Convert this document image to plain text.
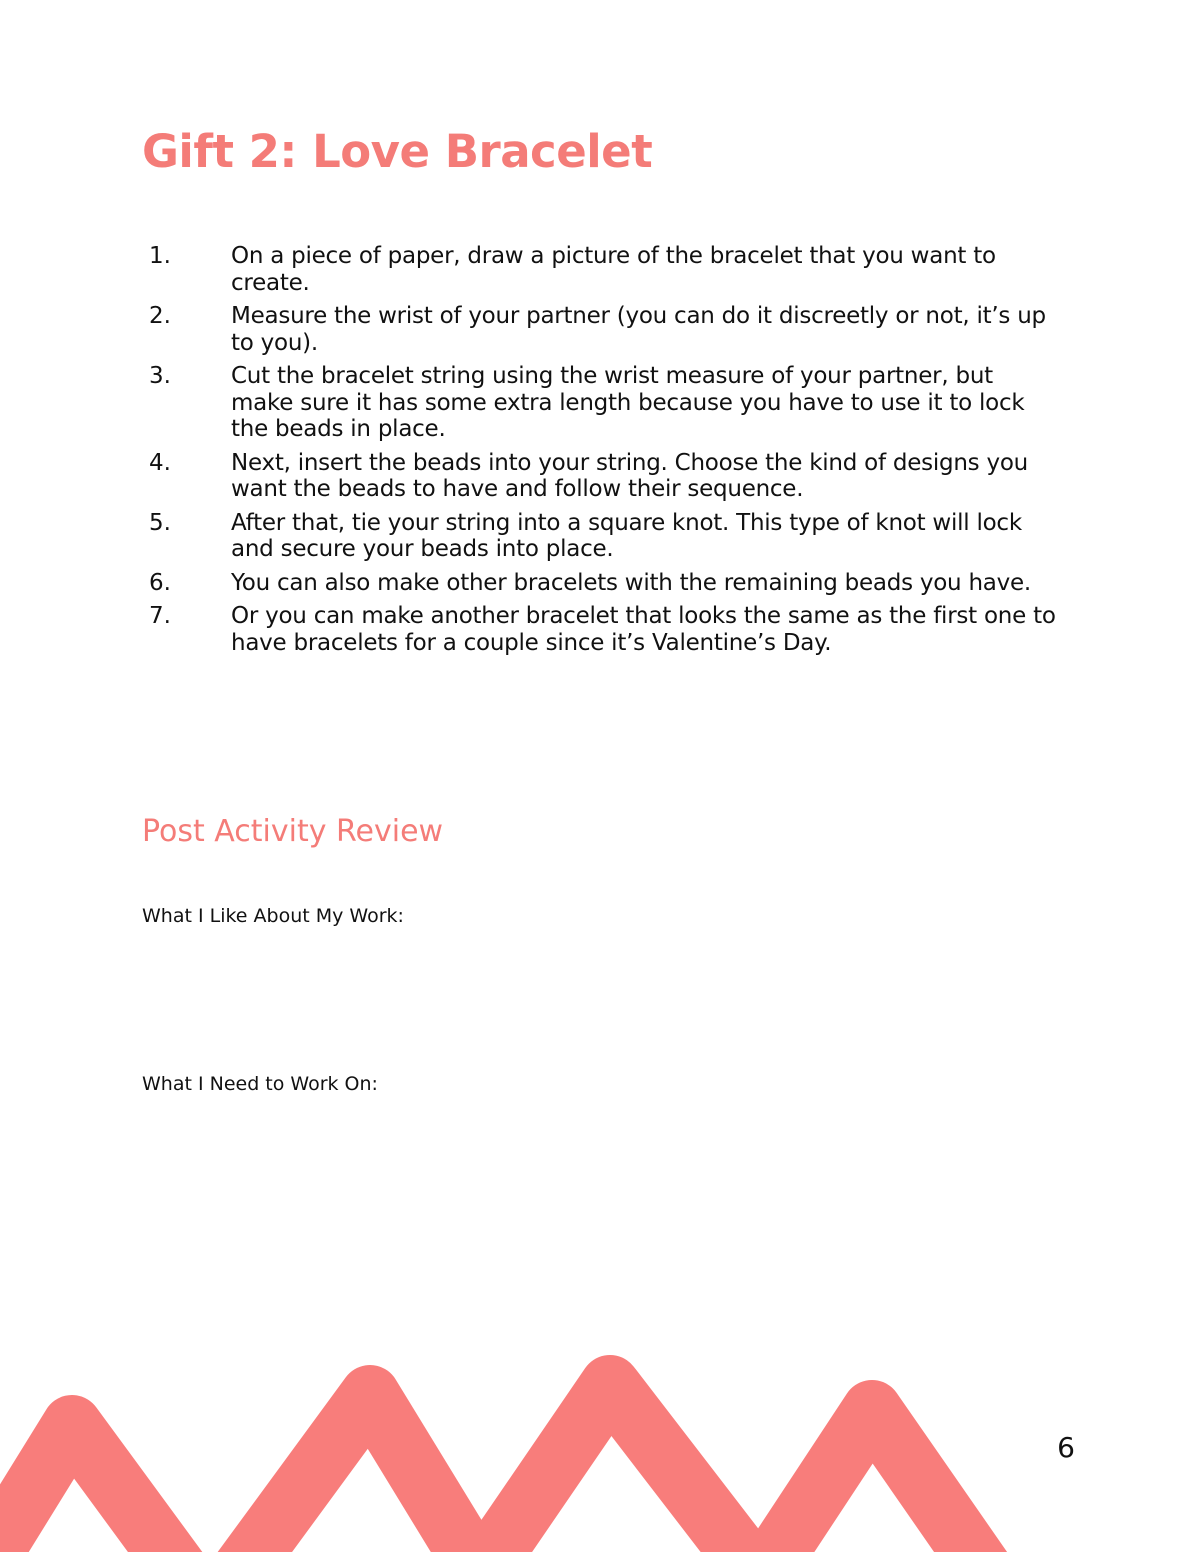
Gift 2: Love Bracelet
1.	On a piece of paper, draw a picture of the bracelet that you want to create.
2.	Measure the wrist of your partner (you can do it discreetly or not, it’s up to you).
3.	Cut the bracelet string using the wrist measure of your partner, but make sure it has some extra length because you have to use it to lock the beads in place.
4.	Next, insert the beads into your string. Choose the kind of designs you want the beads to have and follow their sequence.
5.	After that, tie your string into a square knot. This type of knot will lock and secure your beads into place.
6.	You can also make other bracelets with the remaining beads you have.
7.	Or you can make another bracelet that looks the same as the first one to have bracelets for a couple since it’s Valentine’s Day.
Post Activity Review

What I Like About My Work:

What I Need to Work On:

6
